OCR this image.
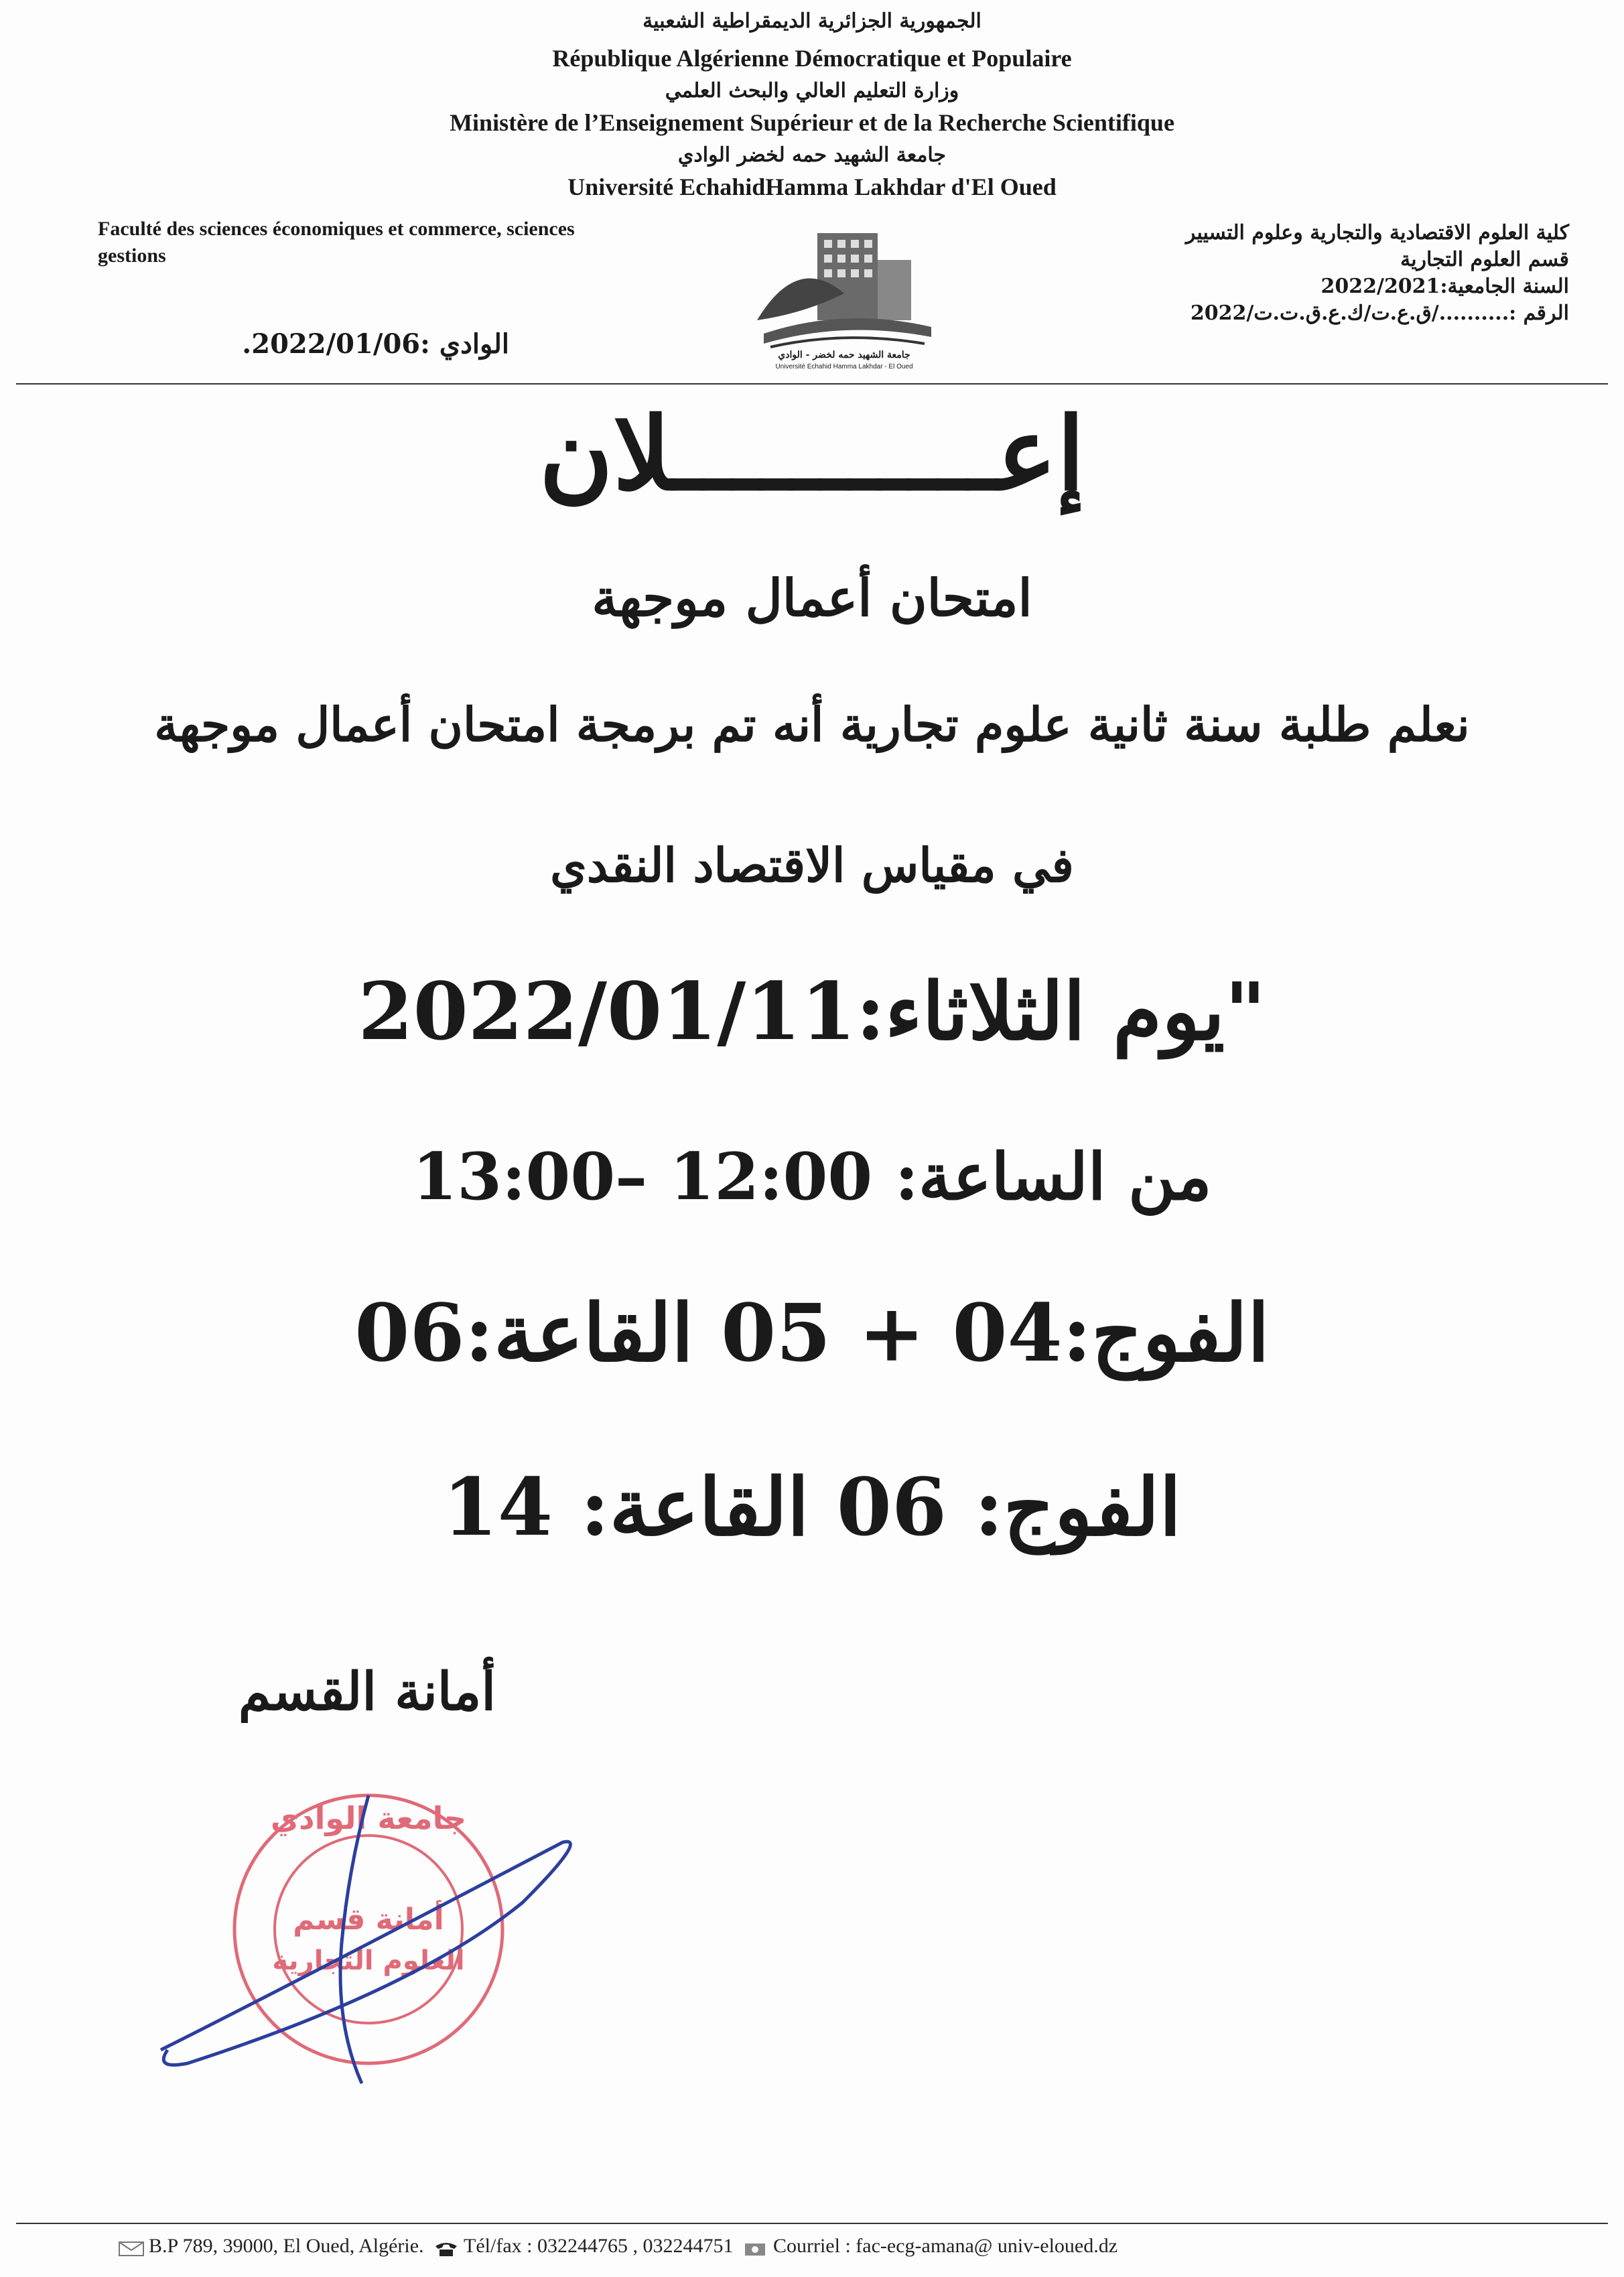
الجمهورية الجزائرية الديمقراطية الشعبية
République Algérienne Démocratique et Populaire
وزارة التعليم العالي والبحث العلمي
Ministère de l’Enseignement Supérieur et de la Recherche Scientifique
جامعة الشهيد حمه لخضر الوادي
Université EchahidHamma Lakhdar d'El Oued
Faculté des sciences économiques et commerce, sciences
gestions
كلية العلوم الاقتصادية والتجارية وعلوم التسيير
قسم العلوم التجارية
السنة الجامعية:2022/2021
الرقم :........../ق.ع.ت/ك.ع.ق.ت.ت/2022
الوادي :2022/01/06.	جامعة الشهيد حمه لخضر - الوادي
Université Echahid Hamma Lakhdar - El Oued
إعـــــــــــلان
امتحان أعمال موجهة
نعلم طلبة سنة ثانية علوم تجارية أنه تم برمجة امتحان أعمال موجهة
في مقياس الاقتصاد النقدي
"يوم الثلاثاء:2022/01/11
من الساعة: 12:00 –13:00
الفوج:04 + 05 القاعة:06
الفوج: 06 القاعة: 14
أمانة القسم
جامعة الوادي
أمانة قسم
العلوم التجارية
B.P 789, 39000, El Oued, Algérie. Tél/fax : 032244765 , 032244751 Courriel : fac-ecg-amana@ univ-eloued.dz
